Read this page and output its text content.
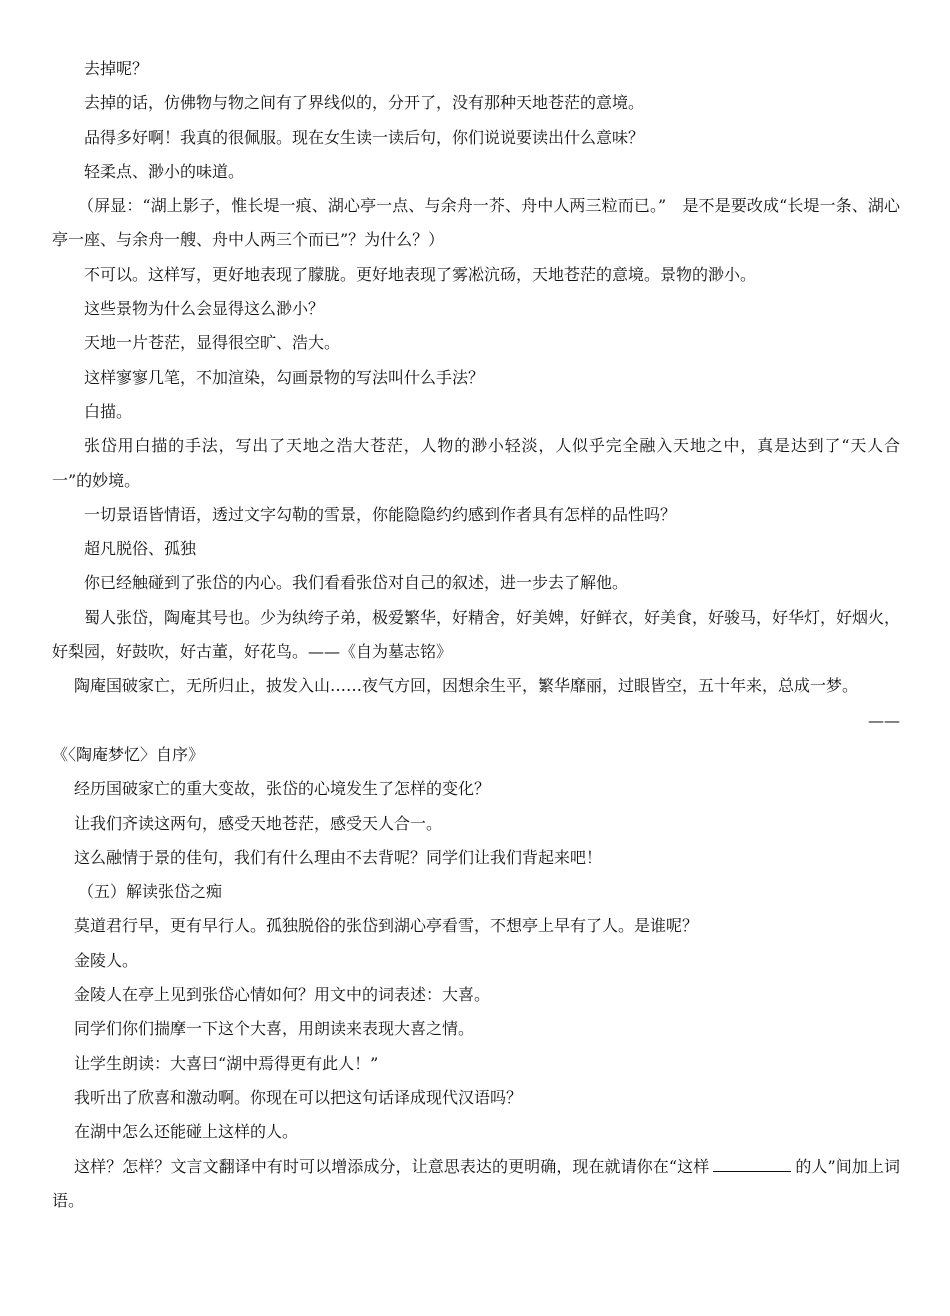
去掉呢？

去掉的话，仿佛物与物之间有了界线似的，分开了，没有那种天地苍茫的意境。

品得多好啊！我真的很佩服。现在女生读一读后句，你们说说要读出什么意味？

轻柔点、渺小的味道。

（屏显：“湖上影子，惟长堤一痕、湖心亭一点、与余舟一芥、舟中人两三粒而已。”　是不是要改成“长堤一条、湖心亭一座、与余舟一艘、舟中人两三个而已”？为什么？）

不可以。这样写，更好地表现了朦胧。更好地表现了雾凇沆砀，天地苍茫的意境。景物的渺小。

这些景物为什么会显得这么渺小？

天地一片苍茫，显得很空旷、浩大。

这样寥寥几笔，不加渲染，勾画景物的写法叫什么手法？

白描。

张岱用白描的手法，写出了天地之浩大苍茫，人物的渺小轻淡，人似乎完全融入天地之中，真是达到了“天人合一”的妙境。

一切景语皆情语，透过文字勾勒的雪景，你能隐隐约约感到作者具有怎样的品性吗？

超凡脱俗、孤独

你已经触碰到了张岱的内心。我们看看张岱对自己的叙述，进一步去了解他。

蜀人张岱，陶庵其号也。少为纨绔子弟，极爱繁华，好精舍，好美婢，好鲜衣，好美食，好骏马，好华灯，好烟火，好梨园，好鼓吹，好古董，好花鸟。——《自为墓志铭》

陶庵国破家亡，无所归止，披发入山……夜气方回，因想余生平，繁华靡丽，过眼皆空，五十年来，总成一梦。

——

《〈陶庵梦忆〉自序》

经历国破家亡的重大变故，张岱的心境发生了怎样的变化？

让我们齐读这两句，感受天地苍茫，感受天人合一。

这么融情于景的佳句，我们有什么理由不去背呢？同学们让我们背起来吧！

（五）解读张岱之痴

莫道君行早，更有早行人。孤独脱俗的张岱到湖心亭看雪，不想亭上早有了人。是谁呢？

金陵人。

金陵人在亭上见到张岱心情如何？用文中的词表述：大喜。

同学们你们揣摩一下这个大喜，用朗读来表现大喜之情。

让学生朗读：大喜曰“湖中焉得更有此人！”

我听出了欣喜和激动啊。你现在可以把这句话译成现代汉语吗？

在湖中怎么还能碰上这样的人。

这样？怎样？文言文翻译中有时可以增添成分，让意思表达的更明确，现在就请你在“这样	的人”间加上词语。
